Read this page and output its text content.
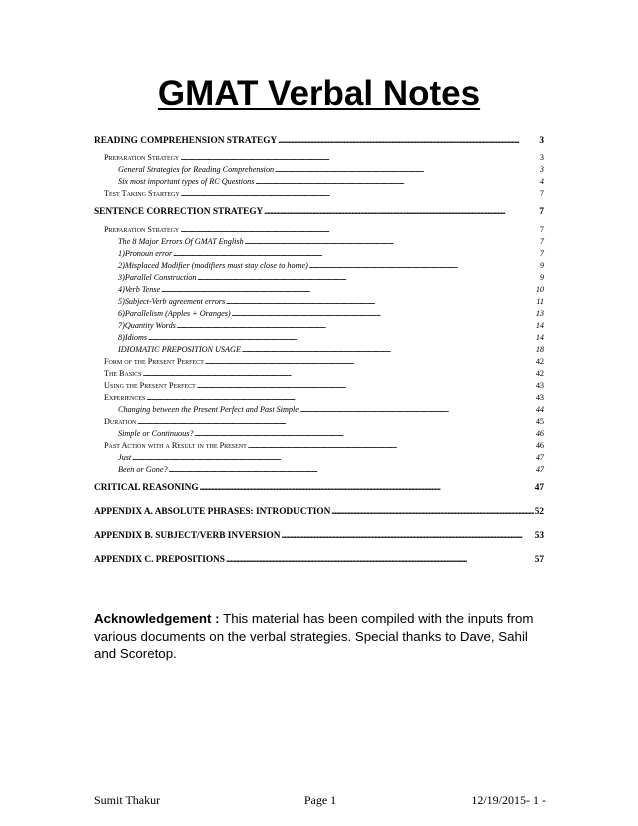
GMAT Verbal Notes
READING COMPREHENSION STRATEGY . . .	3
Preparation Strategy . . .	3
General Strategies for Reading Comprehension . . .	3
Six most important types of RC Questions . . .	4
Test Taking Startegy . . .	7
SENTENCE CORRECTION STRATEGY . . .	7
Preparation Strategy . . .	7
The 8 Major Errors Of GMAT English . . .	7
1)Pronoun error . . .	7
2)Misplaced Modifier (modifiers must stay close to home) . . .	9
3)Parallel Construction . . .	9
4)Verb Tense . . .	10
5)Subject-Verb agreement errors . . .	11
6)Parallelism (Apples + Oranges) . . .	13
7)Quantity Words . . .	14
8)Idioms . . .	14
IDIOMATIC PREPOSITION USAGE . . .	18
Form of the Present Perfect . . .	42
The Basics . . .	42
Using the Present Perfect . . .	43
Experiences . . .	43
Changing between the Present Perfect and Past Simple . . .	44
Duration . . .	45
Simple or Continuous? . . .	46
Past Action with a Result in the Present . . .	46
Just . . .	47
Been or Gone? . . .	47
CRITICAL REASONING . . .	47
APPENDIX A. ABSOLUTE PHRASES: INTRODUCTION . . .	52
APPENDIX B. SUBJECT/VERB INVERSION . . .	53
APPENDIX C. PREPOSITIONS . . .	57
Acknowledgement : This material has been compiled with the inputs from various documents on the verbal strategies. Special thanks to Dave, Sahil and Scoretop.
Sumit Thakur	Page 1	12/19/2015- 1 -
